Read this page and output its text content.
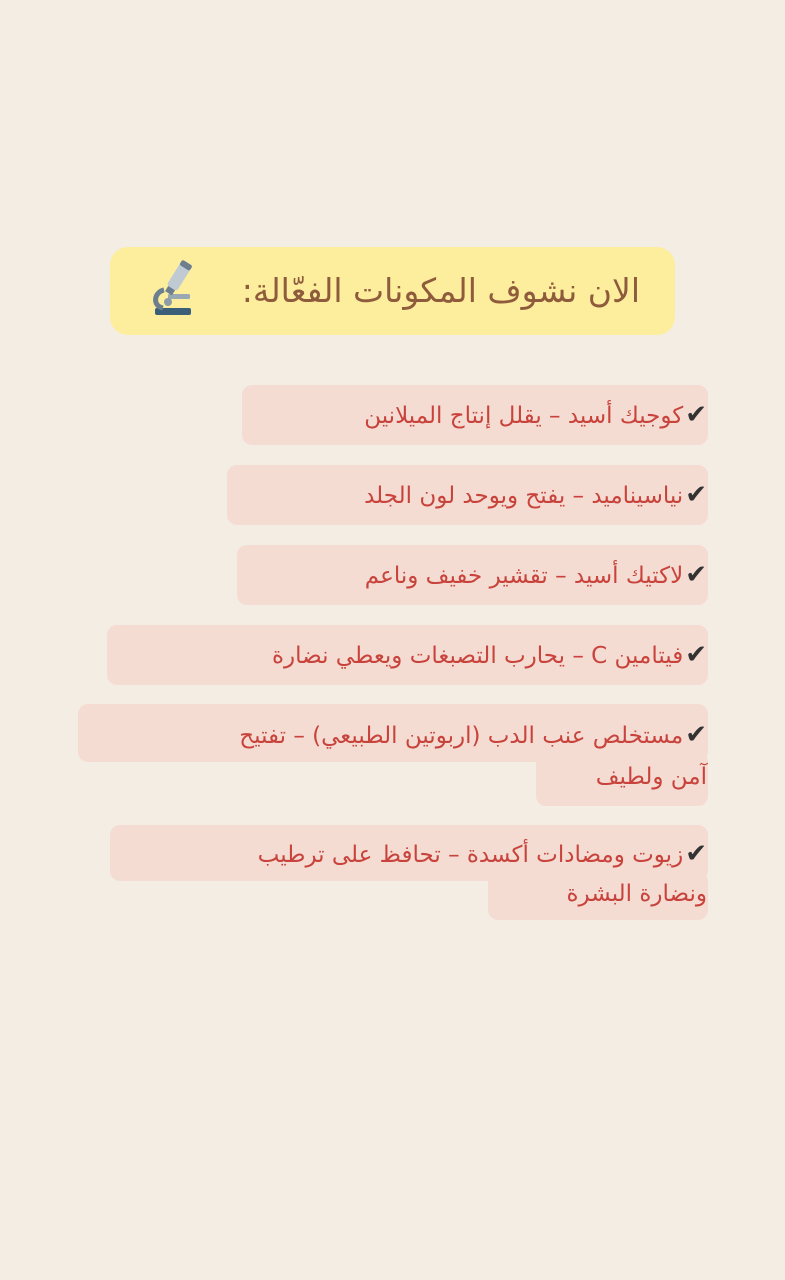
الان نشوف المكونات الفعّالة:
✔كوجيك أسيد – يقلل إنتاج الميلانين
✔نياسيناميد – يفتح ويوحد لون الجلد
✔لاكتيك أسيد – تقشير خفيف وناعم
✔فيتامين C – يحارب التصبغات ويعطي نضارة
✔مستخلص عنب الدب (اربوتين الطبيعي) – تفتيح
آمن ولطيف
✔زيوت ومضادات أكسدة – تحافظ على ترطيب
ونضارة البشرة
